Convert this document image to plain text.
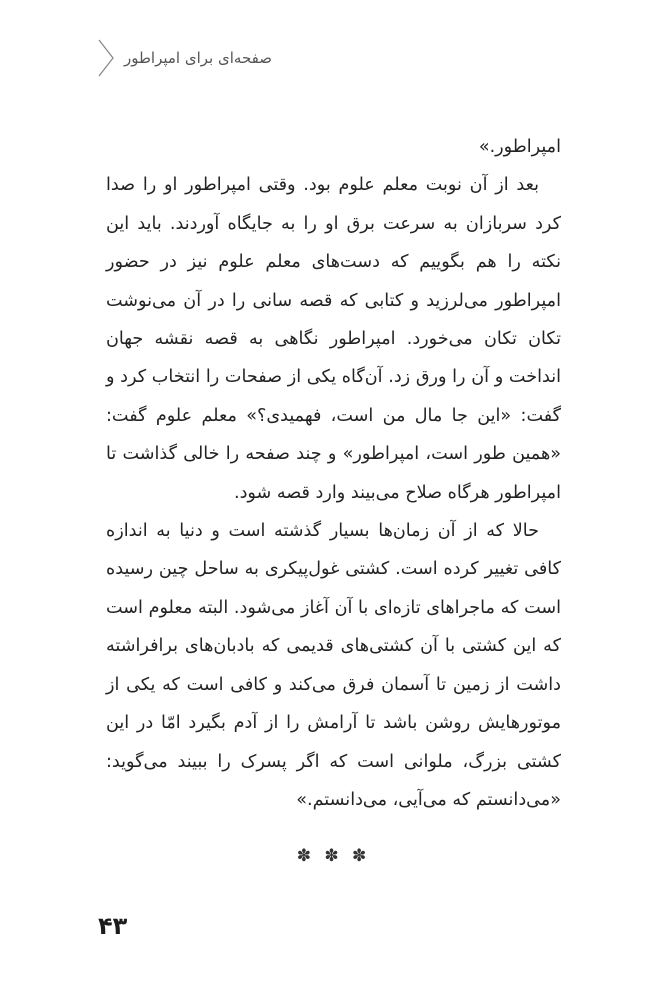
صفحه‌ای برای امپراطور

امپراطور.»

بعد از آن نوبت معلم علوم بود. وقتی امپراطور او را صدا کرد سربازان به سرعت برق او را به جایگاه آوردند. باید این نکته را هم بگوییم که دست‌های معلم علوم نیز در حضور امپراطور می‌لرزید و کتابی که قصه سانی را در آن می‌نوشت تکان تکان می‌خورد. امپراطور نگاهی به قصه نقشه جهان انداخت و آن را ورق زد. آن‌گاه یکی از صفحات را انتخاب کرد و گفت: «این جا مال من است، فهمیدی؟» معلم علوم گفت: «همین طور است، امپراطور» و چند صفحه را خالی گذاشت تا امپراطور هرگاه صلاح می‌بیند وارد قصه شود.

حالا که از آن زمان‌ها بسیار گذشته است و دنیا به اندازه کافی تغییر کرده است. کشتی غول‌پیکری به ساحل چین رسیده است که ماجراهای تازه‌ای با آن آغاز می‌شود. البته معلوم است که این کشتی با آن کشتی‌های قدیمی که بادبان‌های برافراشته داشت از زمین تا آسمان فرق می‌کند و کافی است که یکی از موتورهایش روشن باشد تا آرامش را از آدم بگیرد امّا در این کشتی بزرگ، ملوانی است که اگر پسرک را ببیند می‌گوید: «می‌دانستم که می‌آیی، می‌دانستم.»

✽ ✽ ✽
۴۳
